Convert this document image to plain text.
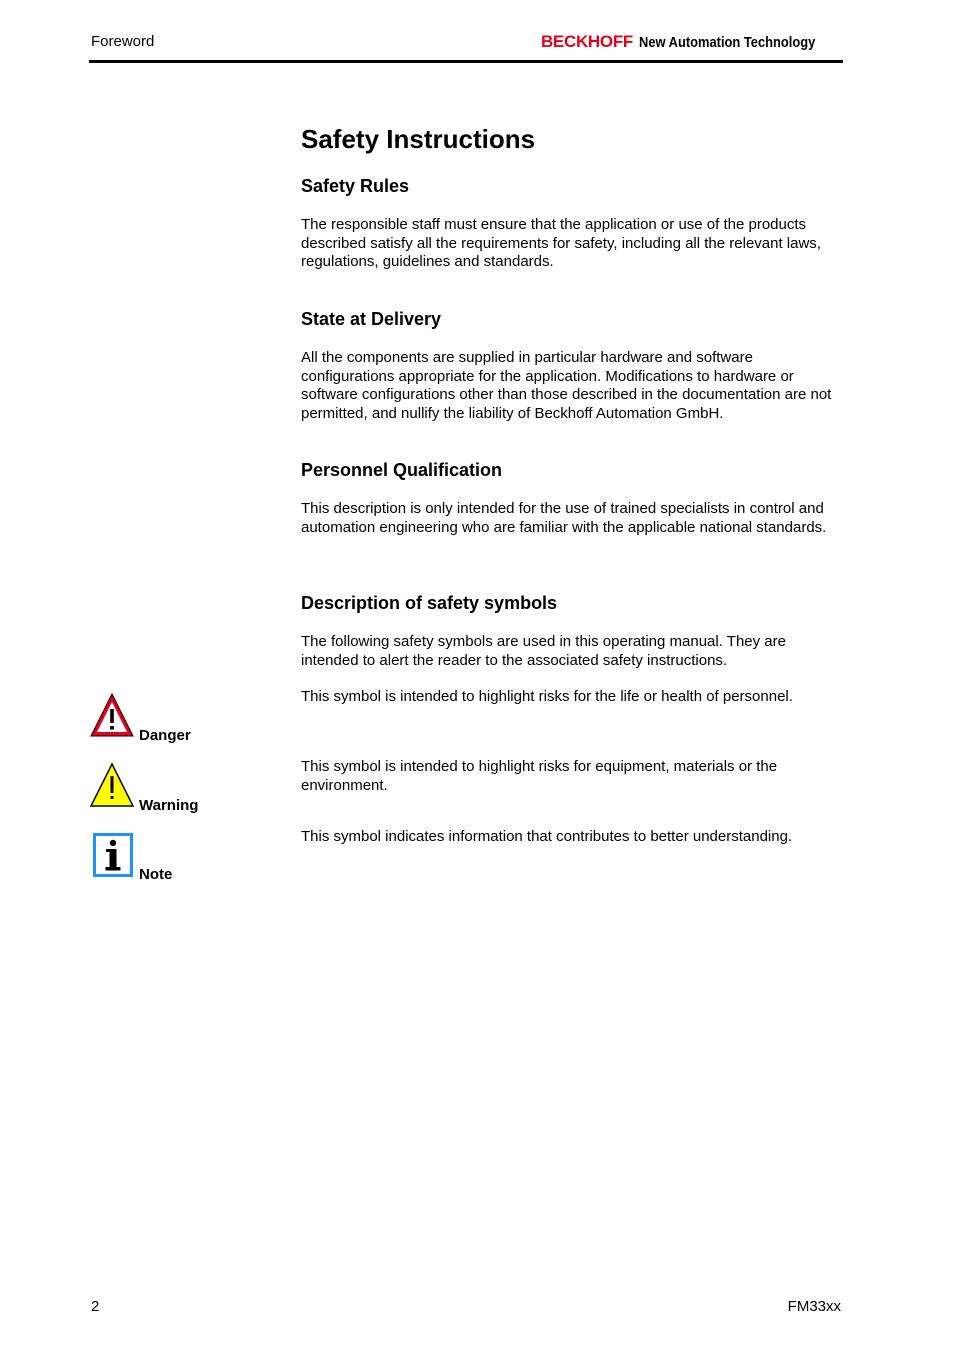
Foreword	BECKHOFF New Automation Technology
Safety Instructions
Safety Rules

The responsible staff must ensure that the application or use of the products described satisfy all the requirements for safety, including all the relevant laws, regulations, guidelines and standards.

State at Delivery

All the components are supplied in particular hardware and software configurations appropriate for the application. Modifications to hardware or software configurations other than those described in the documentation are not permitted, and nullify the liability of Beckhoff Automation GmbH.

Personnel Qualification

This description is only intended for the use of trained specialists in control and automation engineering who are familiar with the applicable national standards.

Description of safety symbols

The following safety symbols are used in this operating manual. They are intended to alert the reader to the associated safety instructions.

Danger

This symbol is intended to highlight risks for the life or health of personnel.

Warning

This symbol is intended to highlight risks for equipment, materials or the environment.

Note

This symbol indicates information that contributes to better understanding.

2	FM33xx
